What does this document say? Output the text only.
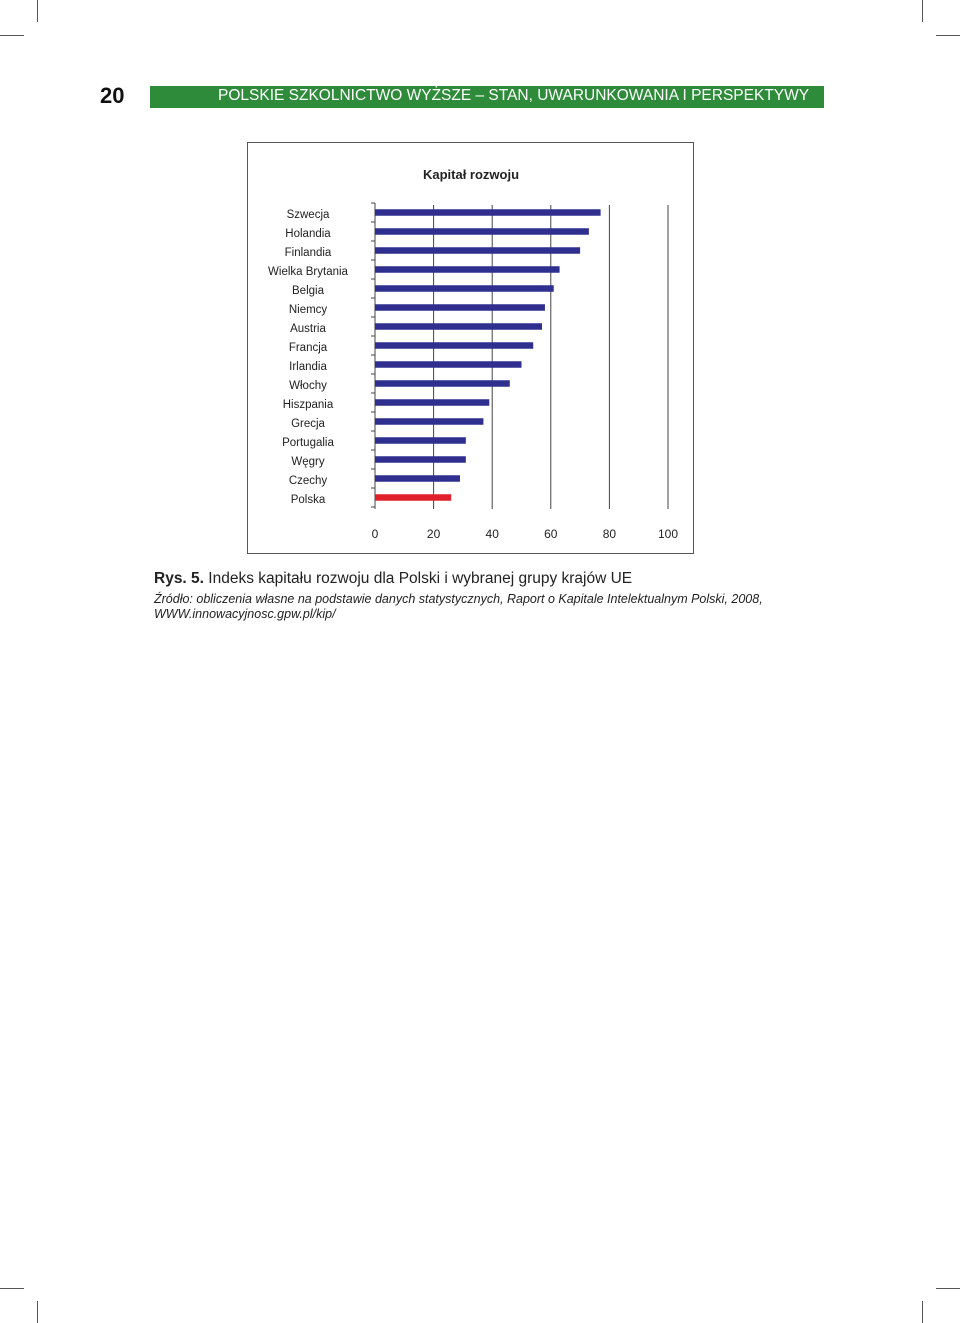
20	POLSKIE SZKOLNICTWO WYŻSZE – STAN, UWARUNKOWANIA I PERSPEKTYWY
Kapitał rozwoju
Szwecja
Holandia
Finlandia
Wielka Brytania
Belgia
Niemcy
Austria
Francja
Irlandia
Włochy
Hiszpania
Grecja
Portugalia
Węgry
Czechy
Polska
0	20	40	60	80	100
Rys. 5. Indeks kapitału rozwoju dla Polski i wybranej grupy krajów UE
Źródło: obliczenia własne na podstawie danych statystycznych, Raport o Kapitale Intelektualnym Polski, 2008, WWW.innowacyjnosc.gpw.pl/kip/
